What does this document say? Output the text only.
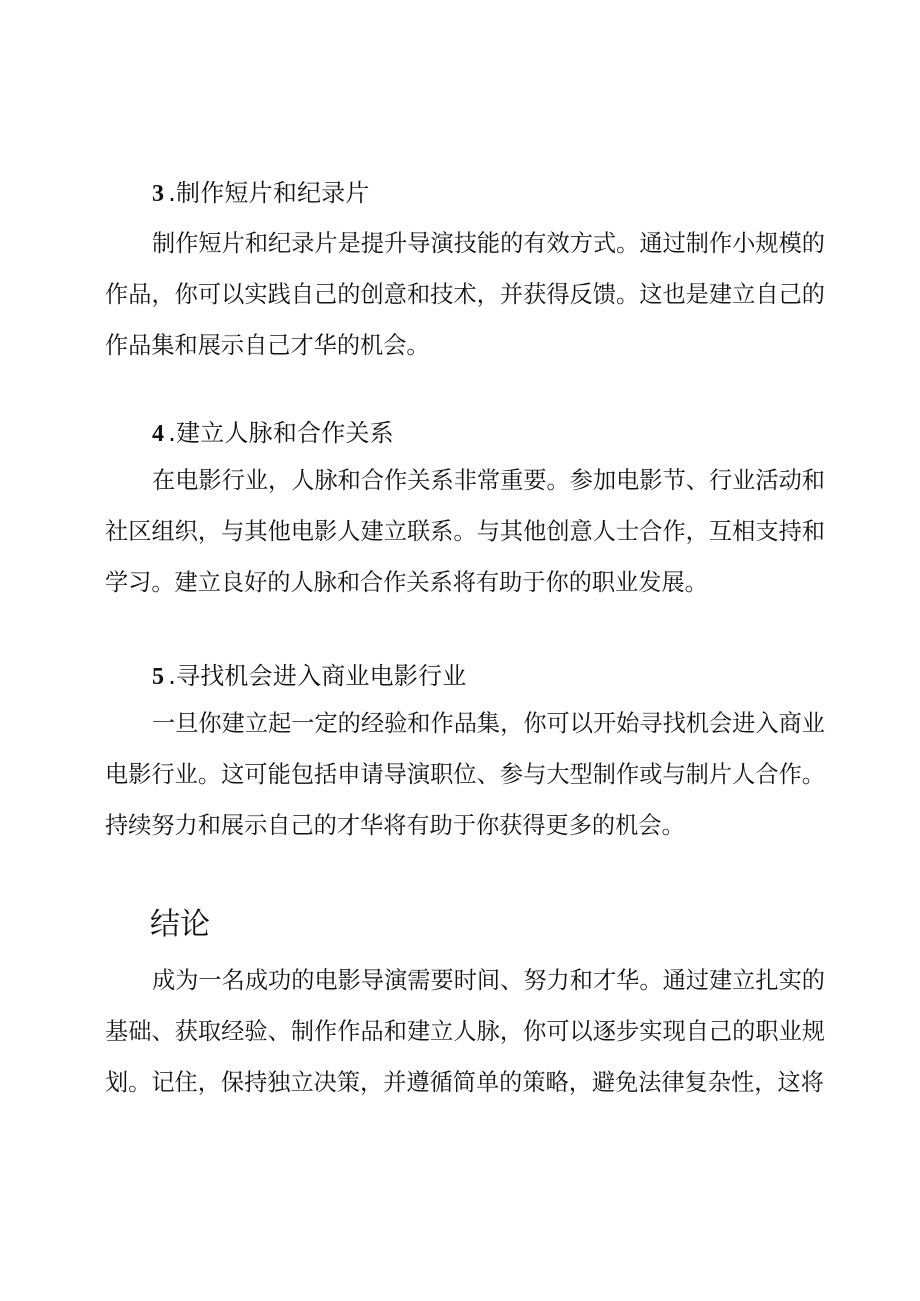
3 .制作短片和纪录片

制作短片和纪录片是提升导演技能的有效方式。通过制作小规模的作品，你可以实践自己的创意和技术，并获得反馈。这也是建立自己的作品集和展示自己才华的机会。

4 .建立人脉和合作关系

在电影行业，人脉和合作关系非常重要。参加电影节、行业活动和社区组织，与其他电影人建立联系。与其他创意人士合作，互相支持和学习。建立良好的人脉和合作关系将有助于你的职业发展。

5 .寻找机会进入商业电影行业

一旦你建立起一定的经验和作品集，你可以开始寻找机会进入商业电影行业。这可能包括申请导演职位、参与大型制作或与制片人合作。持续努力和展示自己的才华将有助于你获得更多的机会。

结论

成为一名成功的电影导演需要时间、努力和才华。通过建立扎实的基础、获取经验、制作作品和建立人脉，你可以逐步实现自己的职业规划。记住，保持独立决策，并遵循简单的策略，避免法律复杂性，这将
